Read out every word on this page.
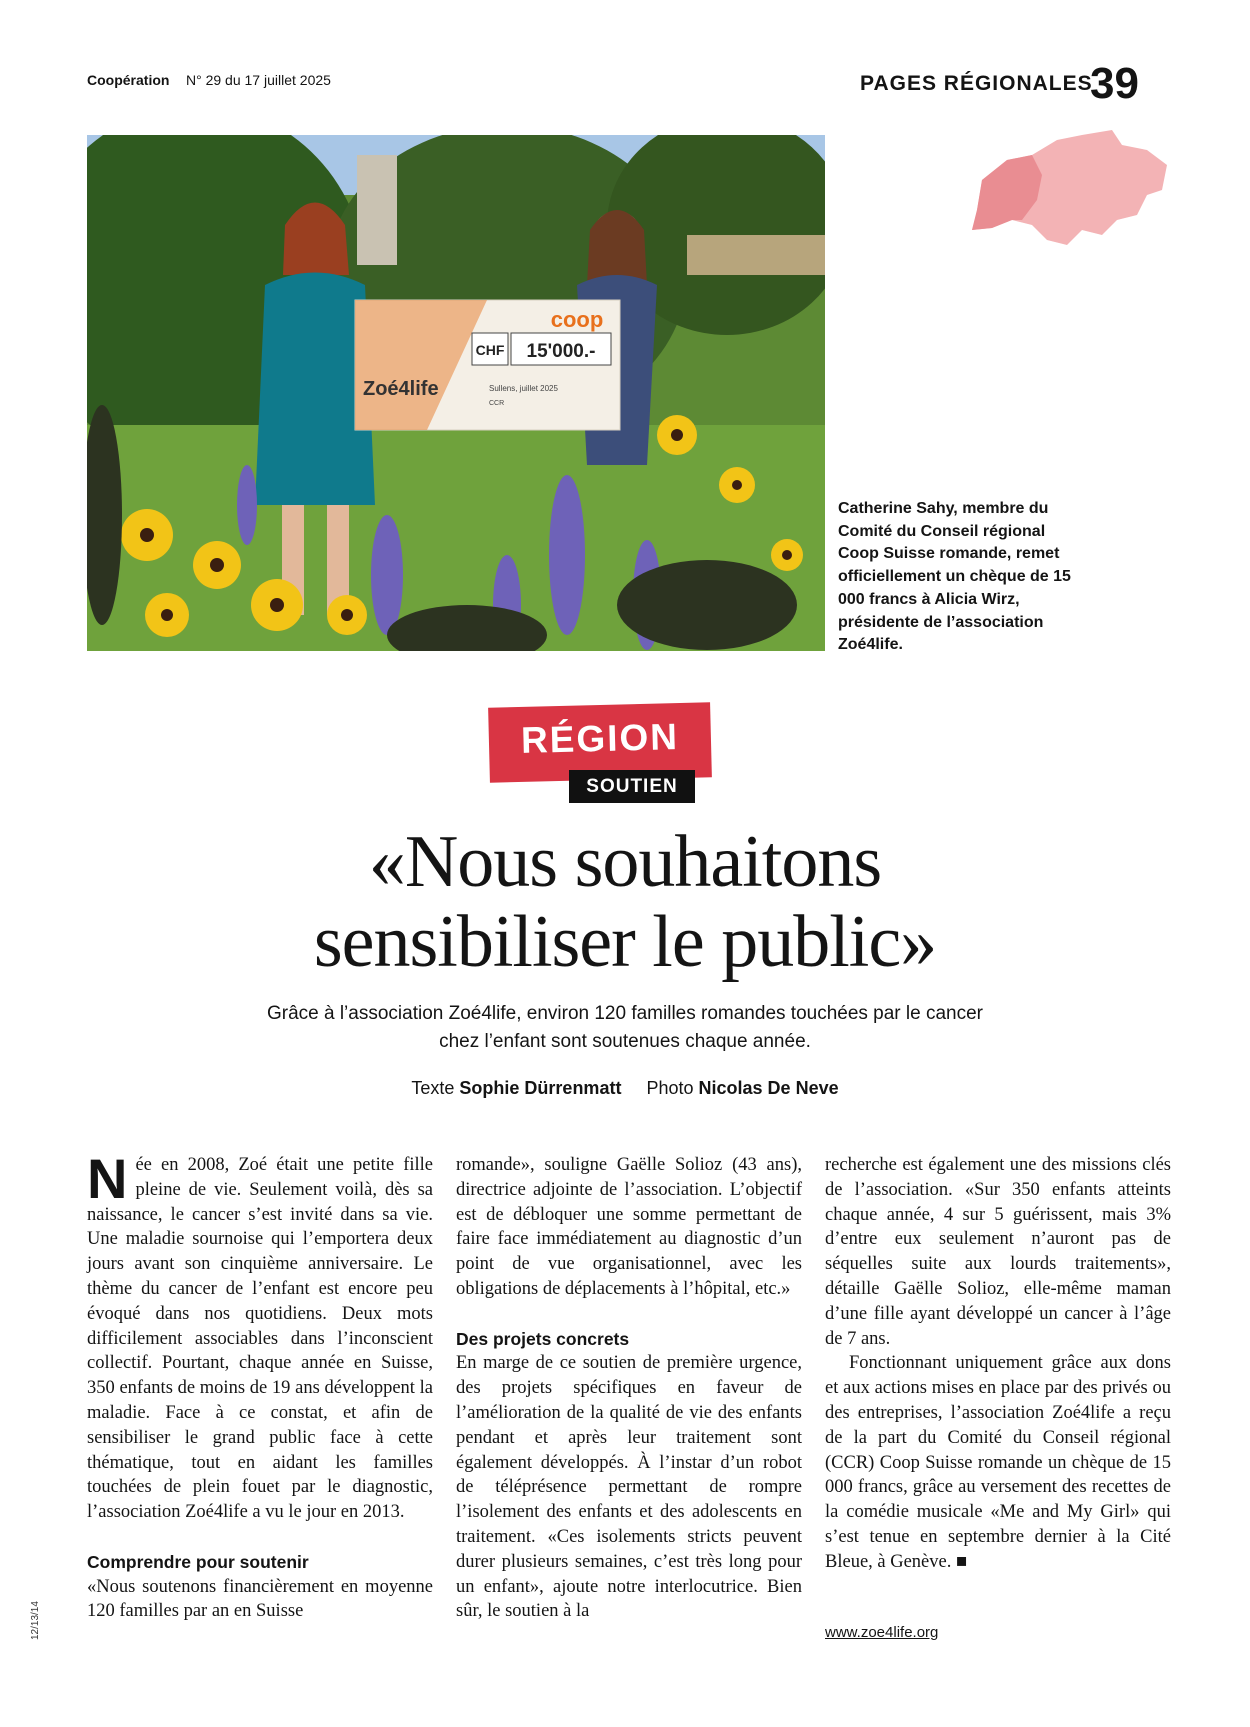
Coopération N° 29 du 17 juillet 2025	PAGES RÉGIONALES
39
coop
CHF 15'000.-
Zoé4life	Sullens, juillet 2025
CCR
Catherine Sahy, membre du Comité du Conseil régional Coop Suisse romande, remet officiellement un chèque de 15 000 francs à Alicia Wirz, présidente de l’association Zoé4life.
RÉGION
SOUTIEN
«Nous souhaitons sensibiliser le public»
Grâce à l’association Zoé4life, environ 120 familles romandes touchées par le cancer chez l’enfant sont soutenues chaque année.
Texte Sophie Dürrenmatt Photo Nicolas De Neve

Née en 2008, Zoé était une petite fille pleine de vie. Seulement voilà, dès sa naissance, le cancer s’est invité dans sa vie. Une maladie sournoise qui l’emportera deux jours avant son cinquième anniversaire. Le thème du cancer de l’enfant est encore peu évoqué dans nos quotidiens. Deux mots difficilement associables dans l’inconscient collectif. Pourtant, chaque année en Suisse, 350 enfants de moins de 19 ans développent la maladie. Face à ce constat, et afin de sensibiliser le grand public face à cette thématique, tout en aidant les familles touchées de plein fouet par le diagnostic, l’association Zoé4life a vu le jour en 2013.

Comprendre pour soutenir

«Nous soutenons financièrement en moyenne 120 familles par an en Suisse

romande», souligne Gaëlle Solioz (43 ans), directrice adjointe de l’association. L’objectif est de débloquer une somme permettant de faire face immédiatement au diagnostic d’un point de vue organisationnel, avec les obligations de déplacements à l’hôpital, etc.»

Des projets concrets

En marge de ce soutien de première urgence, des projets spécifiques en faveur de l’amélioration de la qualité de vie des enfants pendant et après leur traitement sont également développés. À l’instar d’un robot de téléprésence permettant de rompre l’isolement des enfants et des adolescents en traitement. «Ces isolements stricts peuvent durer plusieurs semaines, c’est très long pour un enfant», ajoute notre interlocutrice. Bien sûr, le soutien à la

recherche est également une des missions clés de l’association. «Sur 350 enfants atteints chaque année, 4 sur 5 guérissent, mais 3% d’entre eux seulement n’auront pas de séquelles suite aux lourds traitements», détaille Gaëlle Solioz, elle-même maman d’une fille ayant développé un cancer à l’âge de 7 ans.

Fonctionnant uniquement grâce aux dons et aux actions mises en place par des privés ou des entreprises, l’association Zoé4life a reçu de la part du Comité du Conseil régional (CCR) Coop Suisse romande un chèque de 15 000 francs, grâce au versement des recettes de la comédie musicale «Me and My Girl» qui s’est tenue en septembre dernier à la Cité Bleue, à Genève. ■

www.zoe4life.org
12/13/14
